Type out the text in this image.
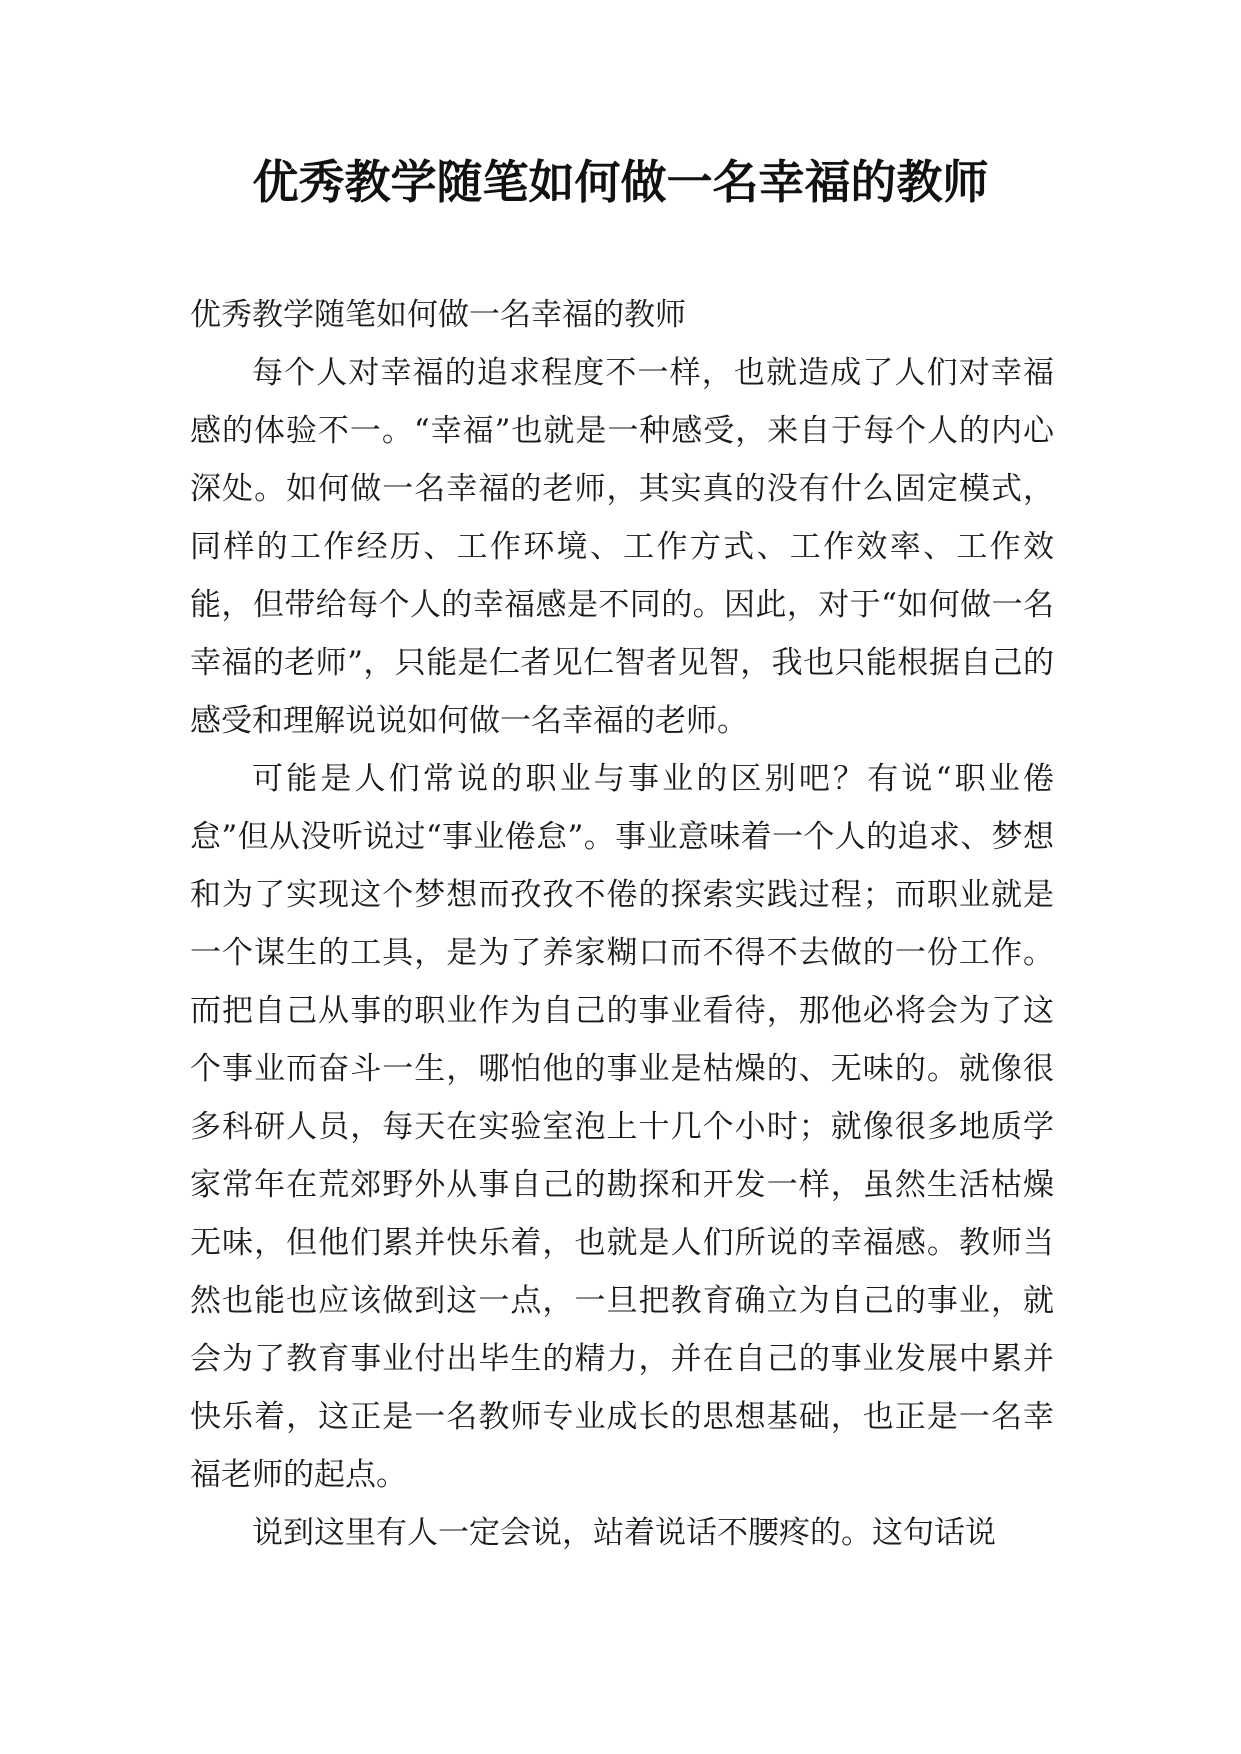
优秀教学随笔如何做一名幸福的教师

优秀教学随笔如何做一名幸福的教师

每个人对幸福的追求程度不一样，也就造成了人们对幸福感的体验不一。“幸福”也就是一种感受，来自于每个人的内心深处。如何做一名幸福的老师，其实真的没有什么固定模式，同样的工作经历、工作环境、工作方式、工作效率、工作效能，但带给每个人的幸福感是不同的。因此，对于“如何做一名幸福的老师”，只能是仁者见仁智者见智，我也只能根据自己的感受和理解说说如何做一名幸福的老师。

可能是人们常说的职业与事业的区别吧？有说“职业倦怠”但从没听说过“事业倦怠”。事业意味着一个人的追求、梦想和为了实现这个梦想而孜孜不倦的探索实践过程；而职业就是一个谋生的工具，是为了养家糊口而不得不去做的一份工作。而把自己从事的职业作为自己的事业看待，那他必将会为了这个事业而奋斗一生，哪怕他的事业是枯燥的、无味的。就像很多科研人员，每天在实验室泡上十几个小时；就像很多地质学家常年在荒郊野外从事自己的勘探和开发一样，虽然生活枯燥无味，但他们累并快乐着，也就是人们所说的幸福感。教师当然也能也应该做到这一点，一旦把教育确立为自己的事业，就会为了教育事业付出毕生的精力，并在自己的事业发展中累并快乐着，这正是一名教师专业成长的思想基础，也正是一名幸福老师的起点。

说到这里有人一定会说，站着说话不腰疼的。这句话说
